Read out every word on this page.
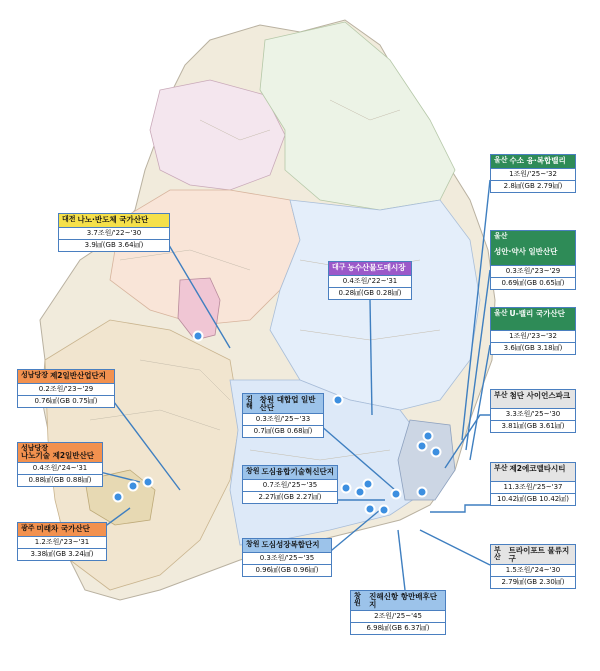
대전 나노·반도체 국가산단
3.7조원/'22~'30
3.9㎢(GB 3.64㎢)
대구 농수산물도매시장
0.4조원/'22~'31
0.28㎢(GB 0.28㎢)
성남당장 제2일반산업단지
0.2조원/'23~'29
0.76㎢(GB 0.75㎢)
성남당장
나노기술 제2일반산단
0.4조원/'24~'31
0.88㎢(GB 0.88㎢)
광주 미래차 국가산단
1.2조원/'23~'31
3.38㎢(GB 3.24㎢)
김해
창원 대합업 일반산단
0.3조원/'25~'33
0.7㎢(GB 0.68㎢)
창원 도심융합기술혁신단지
0.7조원/'25~'35
2.27㎢(GB 2.27㎢)
창원 도심성장복합단지
0.3조원/'25~'35
0.96㎢(GB 0.96㎢)
창원
진해신항 항만배후단지
2조원/'25~'45
6.98㎢(GB 6.37㎢)
울산 수소 융·복합밸리
1조원/'25~'32
2.8㎢(GB 2.79㎢)
울산
성안·약사 일반산단
0.3조원/'23~'29
0.69㎢(GB 0.65㎢)
울산 U-밸리 국가산단
1조원/'23~'32
3.6㎢(GB 3.18㎢)
부산 첨단 사이언스파크
3.3조원/'25~'30
3.81㎢(GB 3.61㎢)
부산 제2에코델타시티
11.3조원/'25~'37
10.42㎢(GB 10.42㎢)
부산
트라이포트 물류지구
1.5조원/'24~'30
2.79㎢(GB 2.30㎢)
